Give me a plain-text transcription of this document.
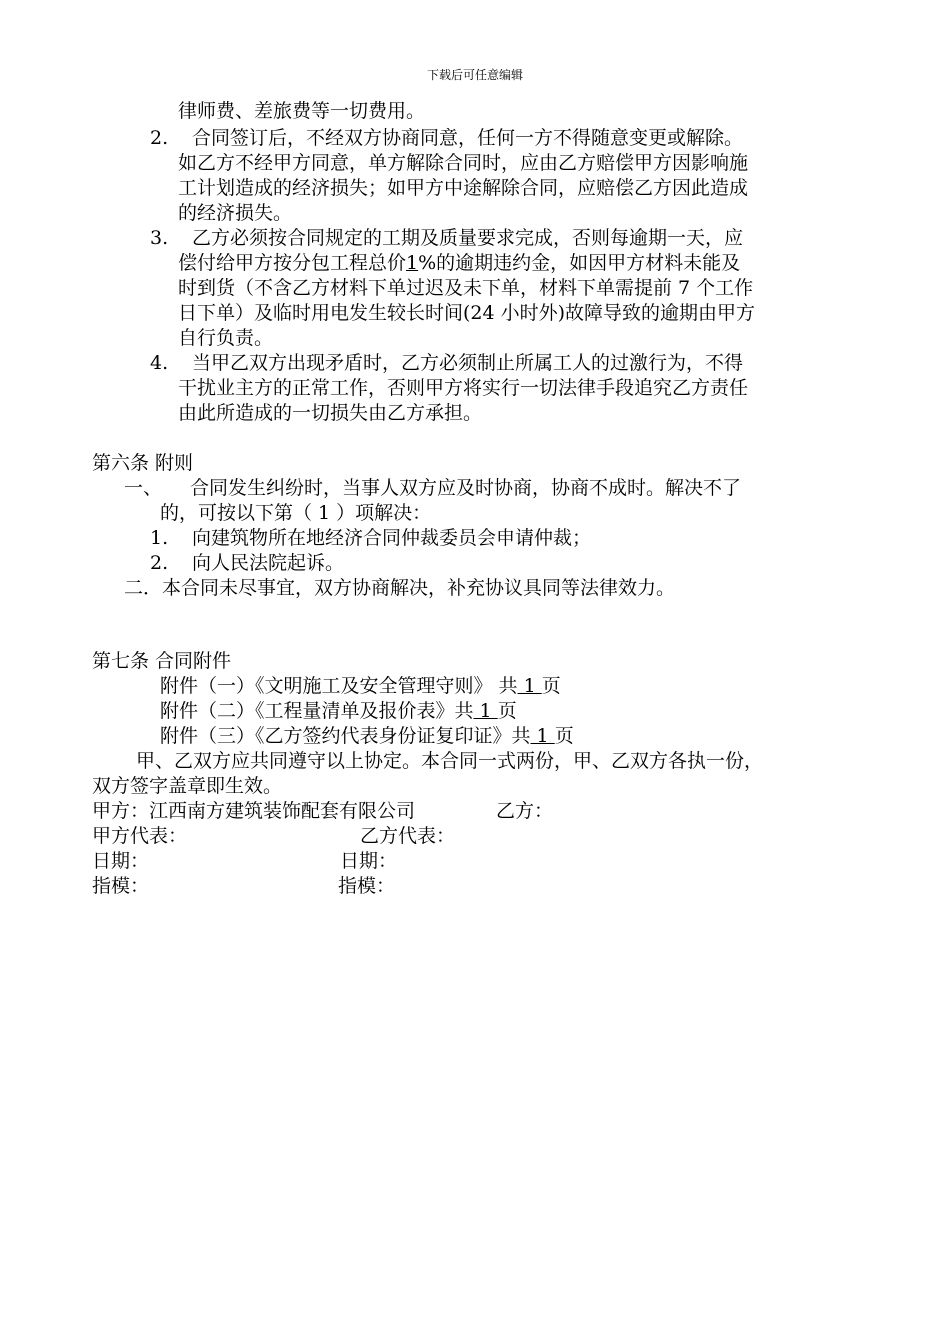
下载后可任意编辑
律师费、差旅费等一切费用。
2. 合同签订后，不经双方协商同意，任何一方不得随意变更或解除。
如乙方不经甲方同意，单方解除合同时，应由乙方赔偿甲方因影响施
工计划造成的经济损失；如甲方中途解除合同，应赔偿乙方因此造成
的经济损失。
3. 乙方必须按合同规定的工期及质量要求完成，否则每逾期一天，应
偿付给甲方按分包工程总价1%的逾期违约金，如因甲方材料未能及
时到货（不含乙方材料下单过迟及未下单，材料下单需提前 7 个工作
日下单）及临时用电发生较长时间(24 小时外)故障导致的逾期由甲方
自行负责。
4. 当甲乙双方出现矛盾时，乙方必须制止所属工人的过激行为，不得
干扰业主方的正常工作，否则甲方将实行一切法律手段追究乙方责任
由此所造成的一切损失由乙方承担。
第六条 附则
一、 合同发生纠纷时，当事人双方应及时协商，协商不成时。解决不了
的，可按以下第（ 1 ）项解决：
1. 向建筑物所在地经济合同仲裁委员会申请仲裁；
2. 向人民法院起诉。
二．本合同未尽事宜，双方协商解决，补充协议具同等法律效力。
第七条 合同附件
附件（一）《文明施工及安全管理守则》 共 1 页
附件（二）《工程量清单及报价表》共 1 页
附件（三）《乙方签约代表身份证复印证》共 1 页
甲、乙双方应共同遵守以上协定。本合同一式两份，甲、乙双方各执一份，
双方签字盖章即生效。
甲方：江西南方建筑装饰配套有限公司	乙方：
甲方代表：	乙方代表：
日期：	日期：
指模：	指模：
